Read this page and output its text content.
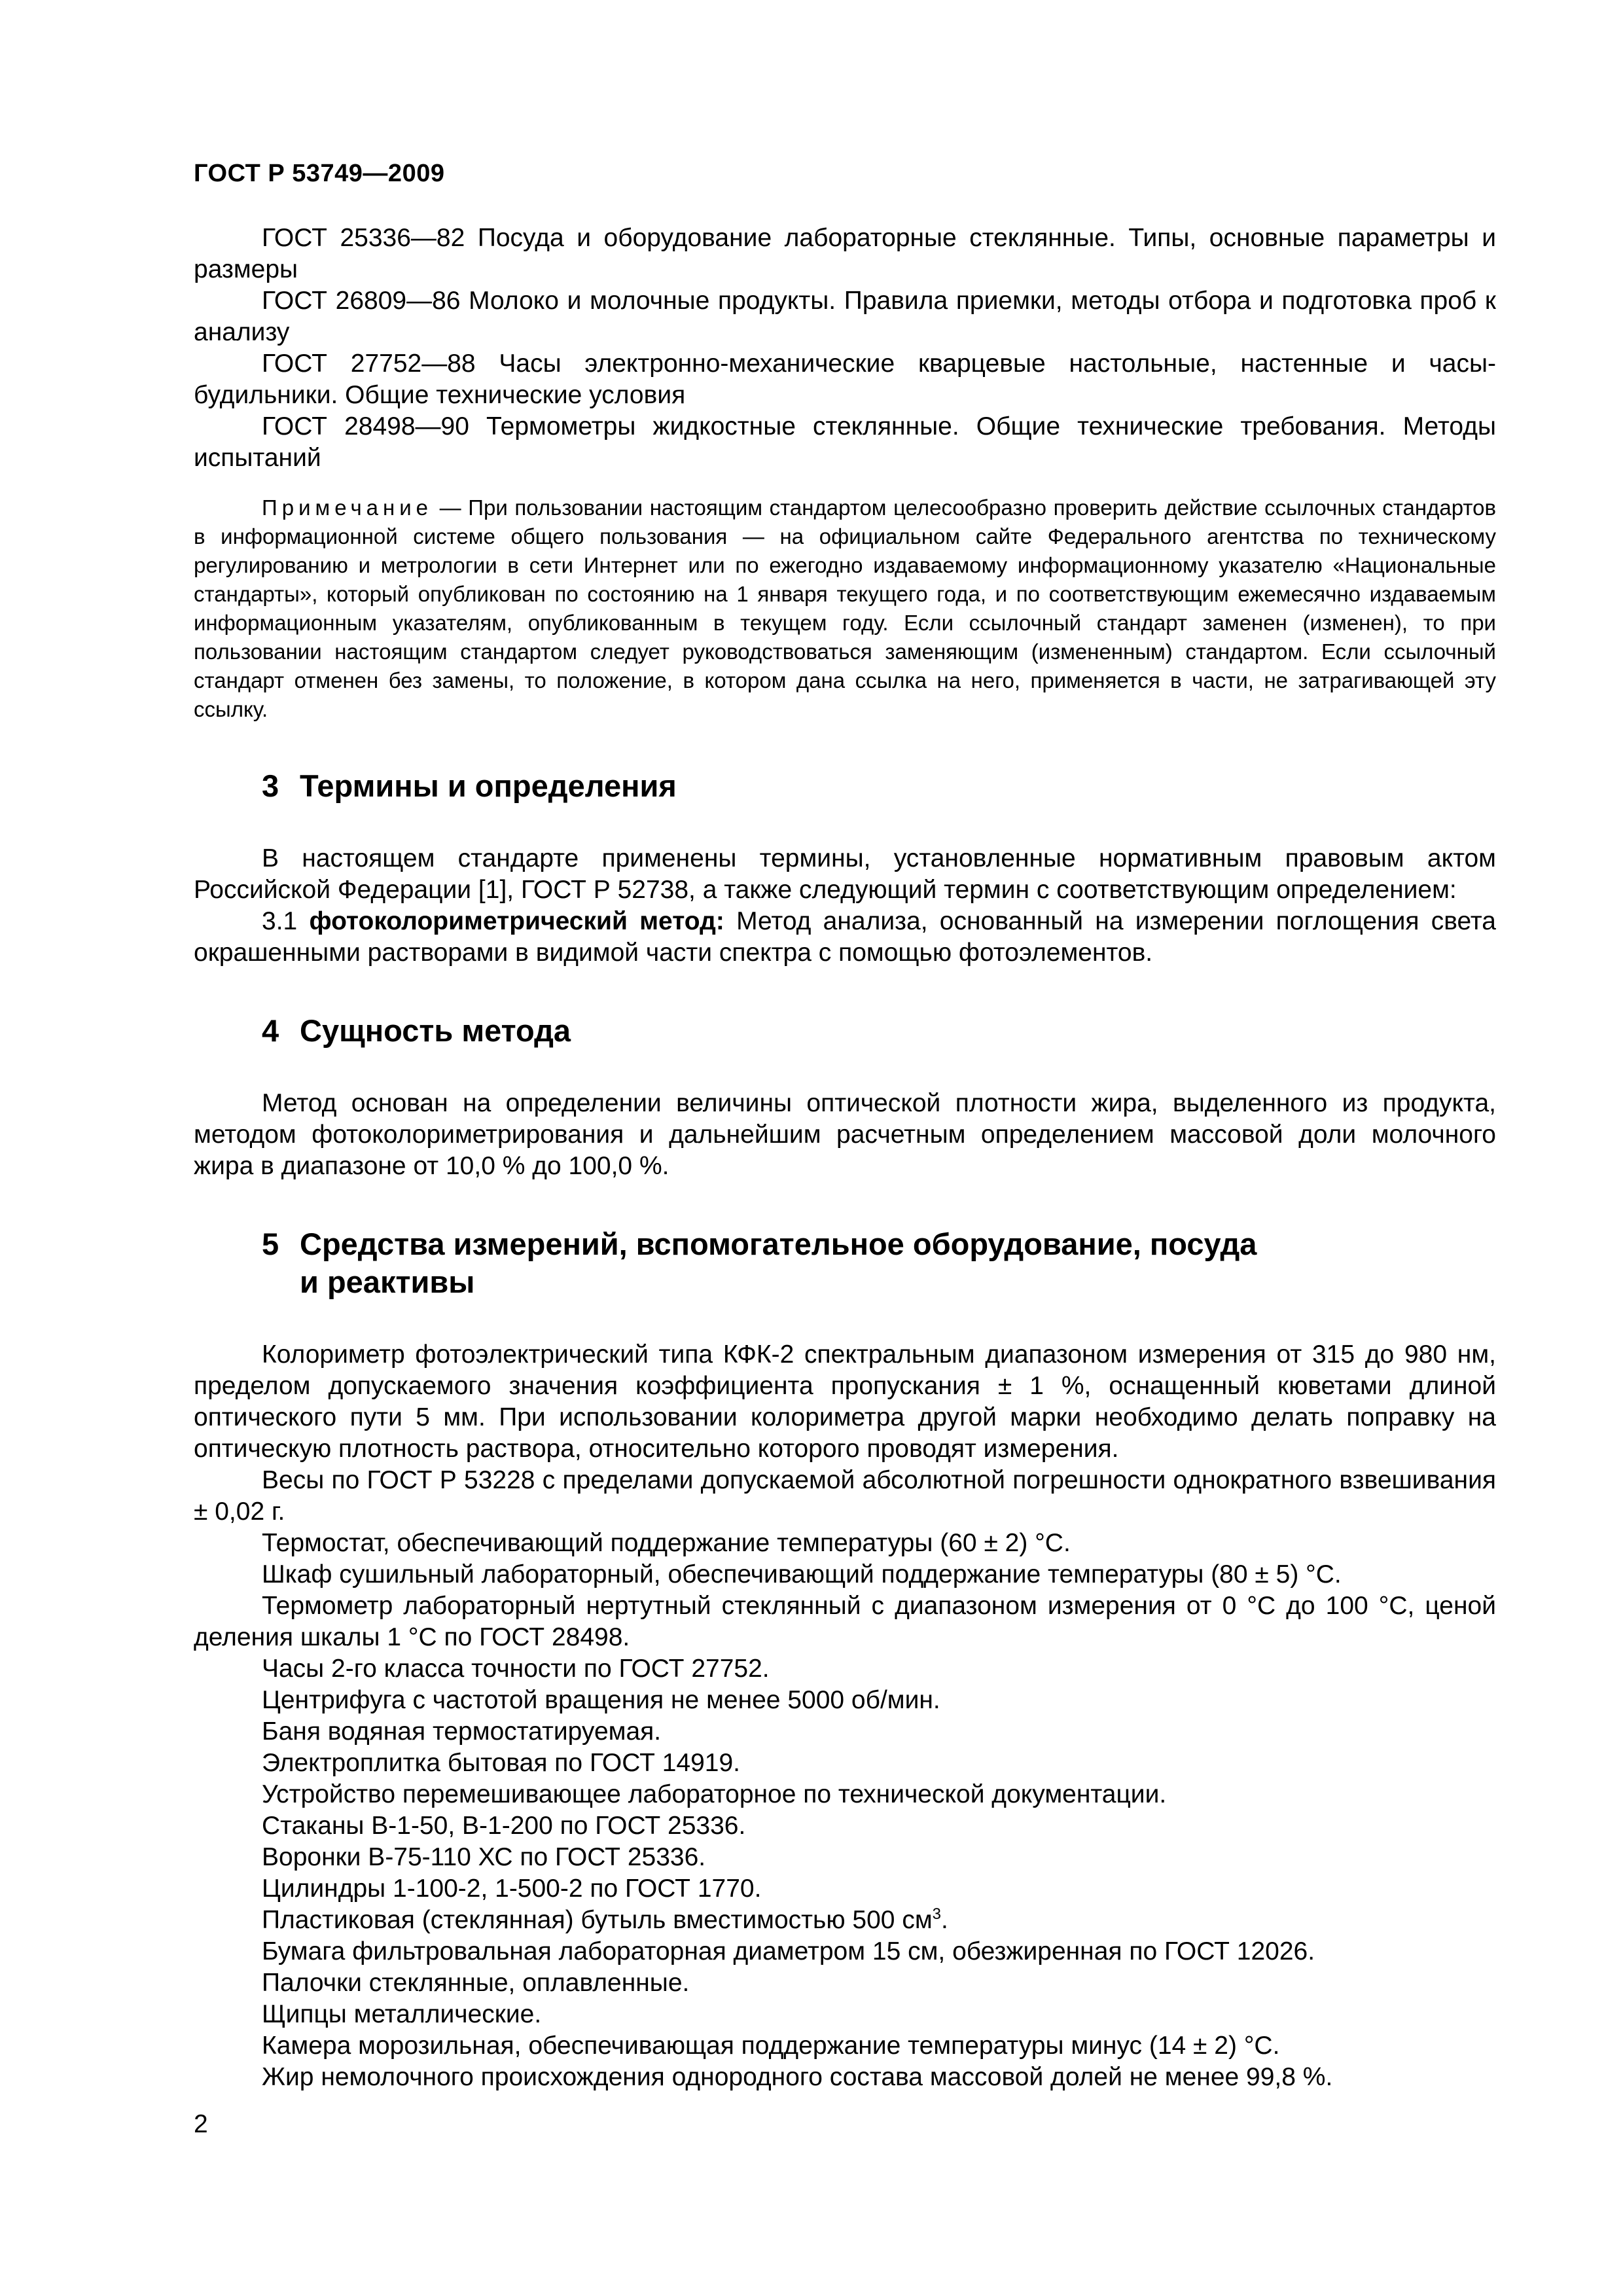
ГОСТ Р 53749—2009

ГОСТ 25336—82 Посуда и оборудование лабораторные стеклянные. Типы, основные параметры и размеры

ГОСТ 26809—86 Молоко и молочные продукты. Правила приемки, методы отбора и подготовка проб к анализу

ГОСТ 27752—88 Часы электронно-механические кварцевые настольные, настенные и часы-будильники. Общие технические условия

ГОСТ 28498—90 Термометры жидкостные стеклянные. Общие технические требования. Методы испытаний

Примечание — При пользовании настоящим стандартом целесообразно проверить действие ссылочных стандартов в информационной системе общего пользования — на официальном сайте Федерального агентства по техническому регулированию и метрологии в сети Интернет или по ежегодно издаваемому информационному указателю «Национальные стандарты», который опубликован по состоянию на 1 января текущего года, и по соответствующим ежемесячно издаваемым информационным указателям, опубликованным в текущем году. Если ссылочный стандарт заменен (изменен), то при пользовании настоящим стандартом следует руководствоваться заменяющим (измененным) стандартом. Если ссылочный стандарт отменен без замены, то положение, в котором дана ссылка на него, применяется в части, не затрагивающей эту ссылку.
3 Термины и определения

В настоящем стандарте применены термины, установленные нормативным правовым актом Российской Федерации [1], ГОСТ Р 52738, а также следующий термин с соответствующим определением:

3.1 фотоколориметрический метод: Метод анализа, основанный на измерении поглощения света окрашенными растворами в видимой части спектра с помощью фотоэлементов.

4 Сущность метода

Метод основан на определении величины оптической плотности жира, выделенного из продукта, методом фотоколориметрирования и дальнейшим расчетным определением массовой доли молочного жира в диапазоне от 10,0 % до 100,0 %.

5 Средства измерений, вспомогательное оборудование, посуда
и реактивы

Колориметр фотоэлектрический типа КФК-2 спектральным диапазоном измерения от 315 до 980 нм, пределом допускаемого значения коэффициента пропускания ± 1 %, оснащенный кюветами длиной оптического пути 5 мм. При использовании колориметра другой марки необходимо делать поправку на оптическую плотность раствора, относительно которого проводят измерения.

Весы по ГОСТ Р 53228 с пределами допускаемой абсолютной погрешности однократного взвешивания ± 0,02 г.

Термостат, обеспечивающий поддержание температуры (60 ± 2) °С.

Шкаф сушильный лабораторный, обеспечивающий поддержание температуры (80 ± 5) °С.

Термометр лабораторный нертутный стеклянный с диапазоном измерения от 0 °С до 100 °С, ценой деления шкалы 1 °С по ГОСТ 28498.

Часы 2-го класса точности по ГОСТ 27752.

Центрифуга с частотой вращения не менее 5000 об/мин.

Баня водяная термостатируемая.

Электроплитка бытовая по ГОСТ 14919.

Устройство перемешивающее лабораторное по технической документации.

Стаканы В-1-50, В-1-200 по ГОСТ 25336.

Воронки В-75-110 ХС по ГОСТ 25336.

Цилиндры 1-100-2, 1-500-2 по ГОСТ 1770.

Пластиковая (стеклянная) бутыль вместимостью 500 $см^3$.

Бумага фильтровальная лабораторная диаметром 15 см, обезжиренная по ГОСТ 12026.

Палочки стеклянные, оплавленные.

Щипцы металлические.

Камера морозильная, обеспечивающая поддержание температуры минус (14 ± 2) °С.

Жир немолочного происхождения однородного состава массовой долей не менее 99,8 %.

2
